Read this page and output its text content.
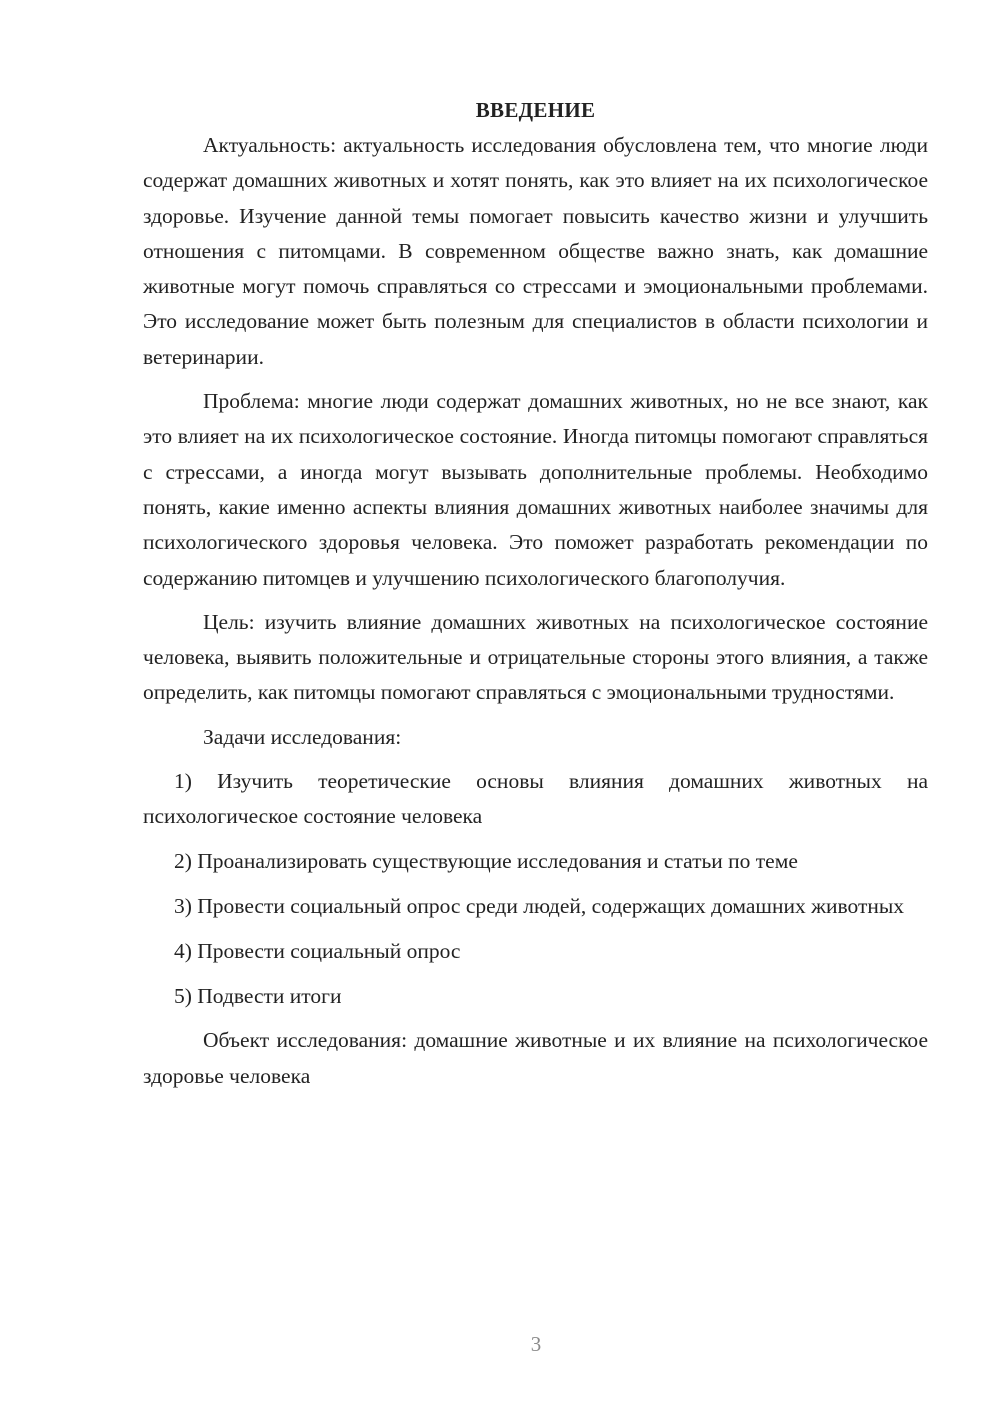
ВВЕДЕНИЕ

Актуальность: актуальность исследования обусловлена тем, что многие люди содержат домашних животных и хотят понять, как это влияет на их психологическое здоровье. Изучение данной темы помогает повысить качество жизни и улучшить отношения с питомцами. В современном обществе важно знать, как домашние животные могут помочь справляться со стрессами и эмоциональными проблемами. Это исследование может быть полезным для специалистов в области психологии и ветеринарии.

Проблема: многие люди содержат домашних животных, но не все знают, как это влияет на их психологическое состояние. Иногда питомцы помогают справляться с стрессами, а иногда могут вызывать дополнительные проблемы. Необходимо понять, какие именно аспекты влияния домашних животных наиболее значимы для психологического здоровья человека. Это поможет разработать рекомендации по содержанию питомцев и улучшению психологического благополучия.

Цель: изучить влияние домашних животных на психологическое состояние человека, выявить положительные и отрицательные стороны этого влияния, а также определить, как питомцы помогают справляться с эмоциональными трудностями.

Задачи исследования:

1) Изучить теоретические основы влияния домашних животных на психологическое состояние человека

2) Проанализировать существующие исследования и статьи по теме

3) Провести социальный опрос среди людей, содержащих домашних животных

4) Провести социальный опрос

5) Подвести итоги

Объект исследования: домашние животные и их влияние на психологическое здоровье человека

3
